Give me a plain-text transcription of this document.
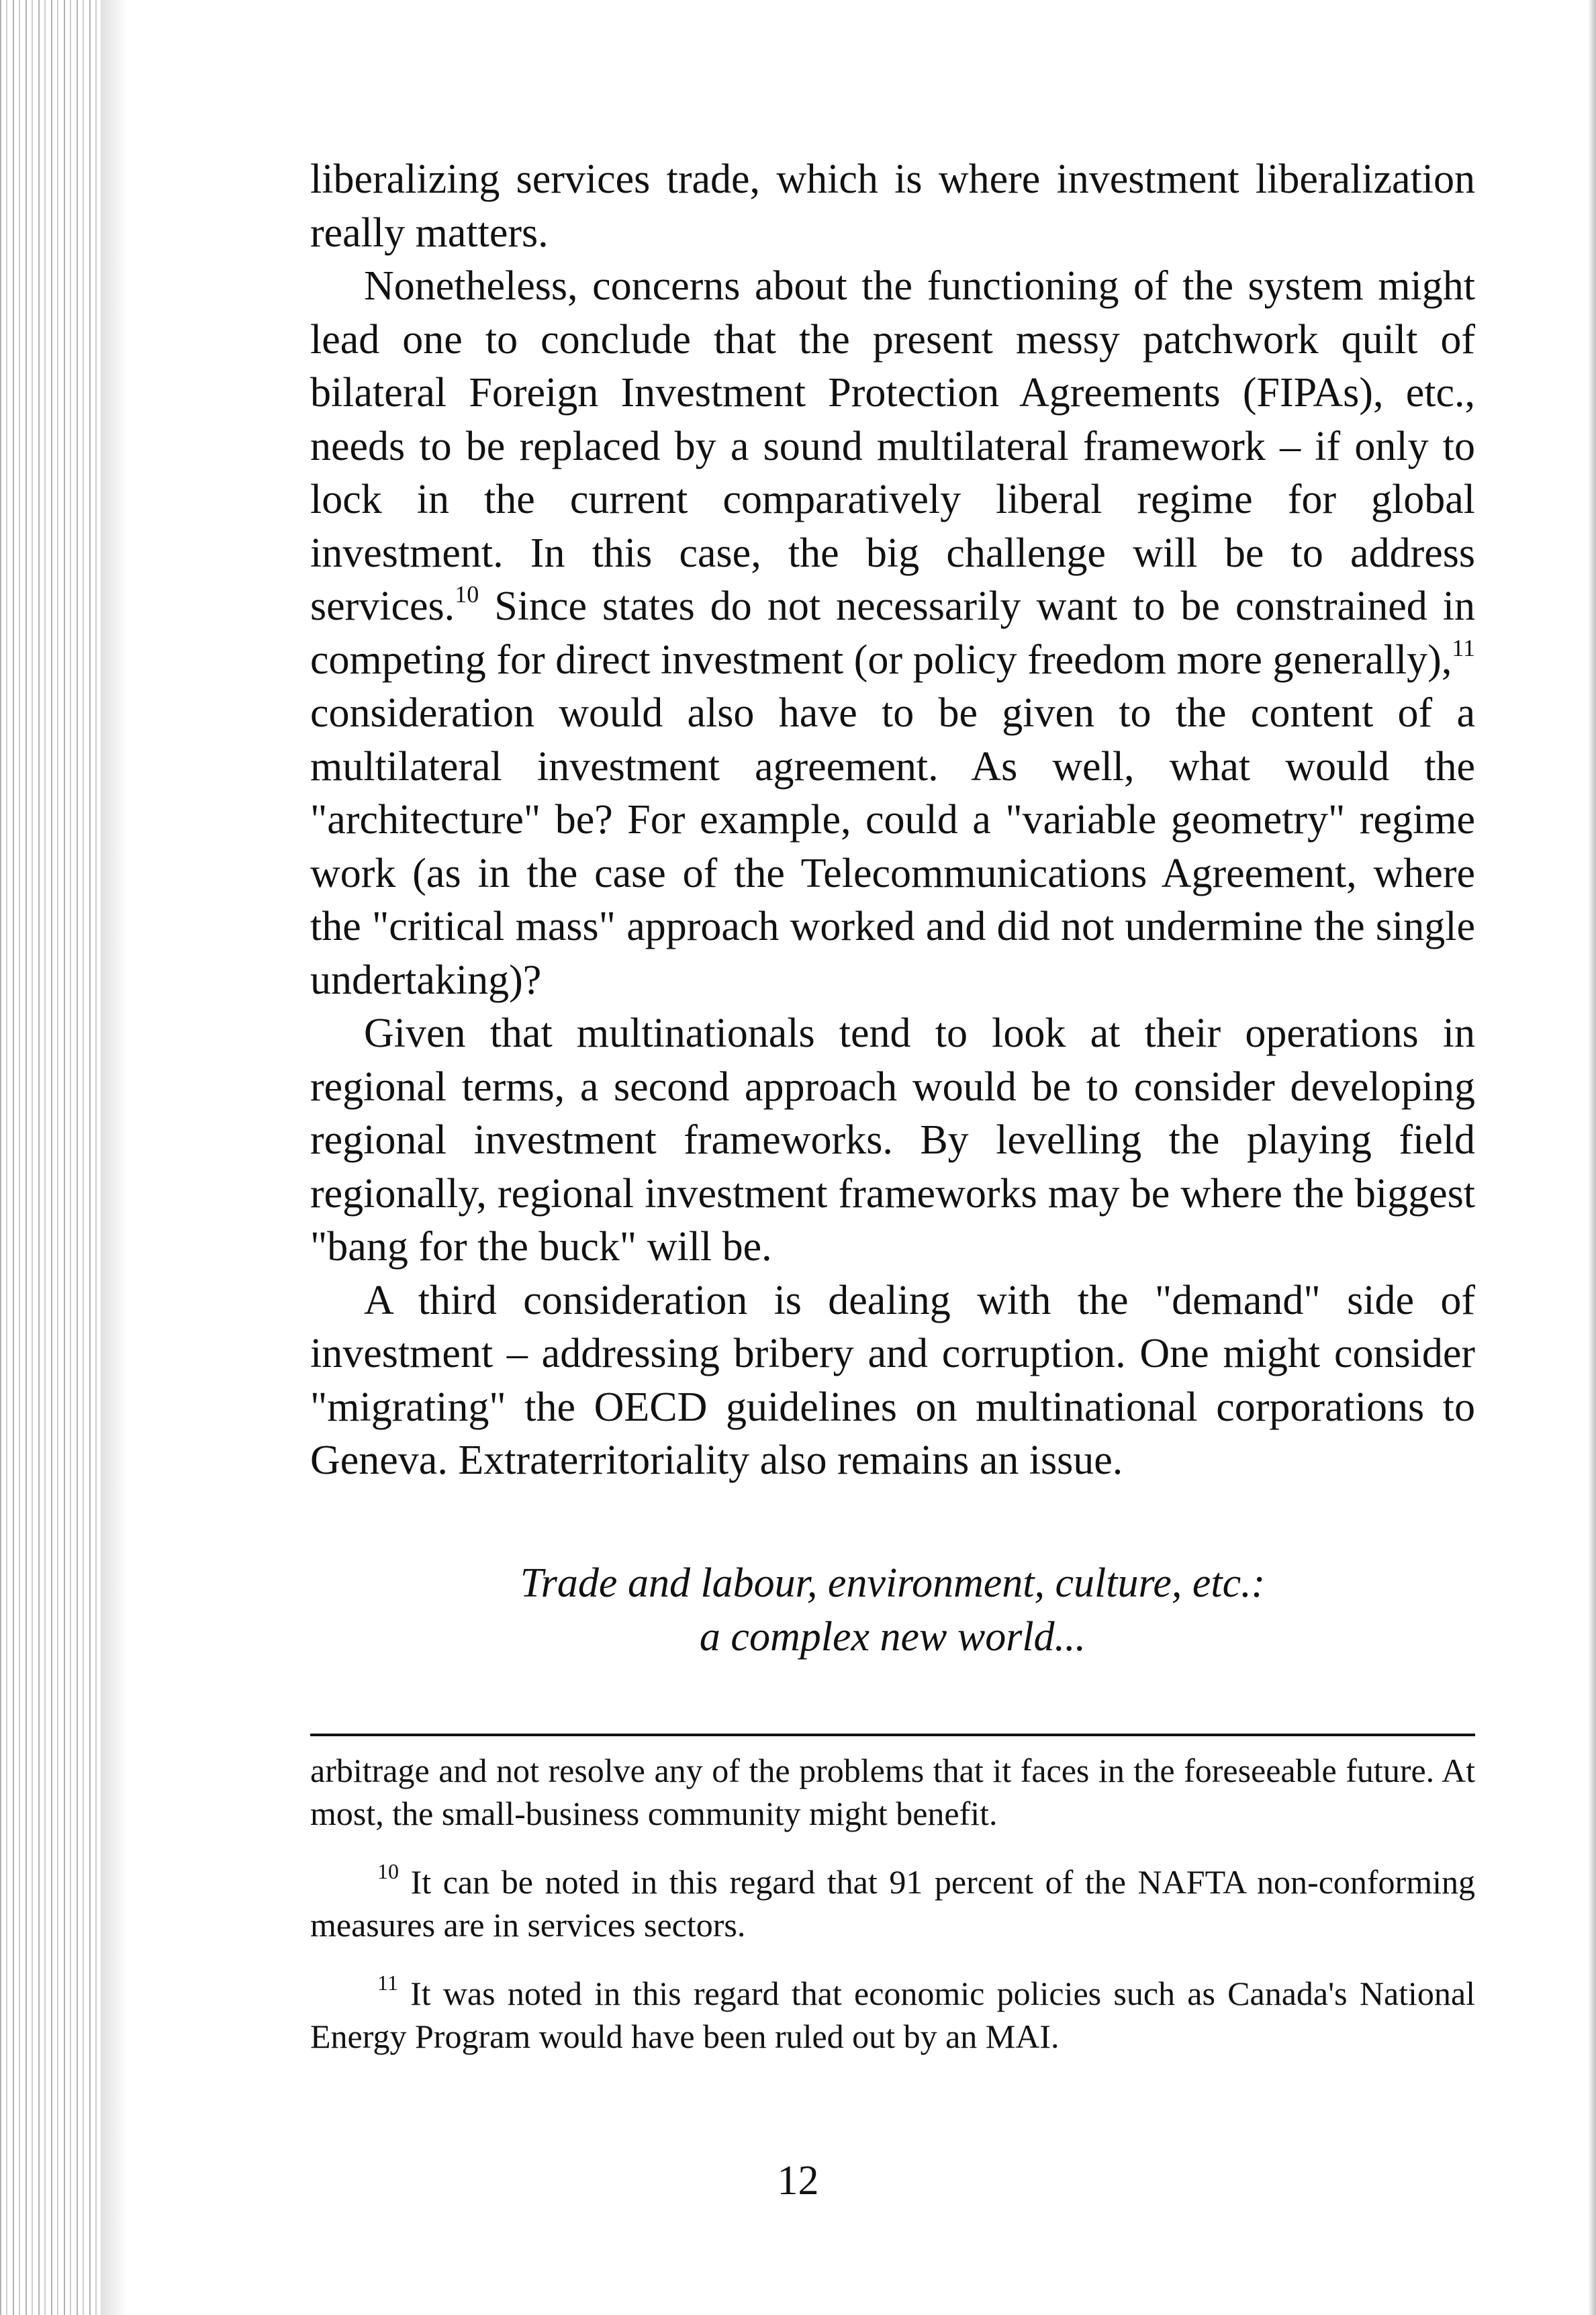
liberalizing services trade, which is where investment liberalization really matters.

Nonetheless, concerns about the functioning of the system might lead one to conclude that the present messy patchwork quilt of bilateral Foreign Investment Protection Agreements (FIPAs), etc., needs to be replaced by a sound multilateral framework – if only to lock in the current comparatively liberal regime for global investment. In this case, the big challenge will be to address services.$^{10}$ Since states do not necessarily want to be constrained in competing for direct investment (or policy freedom more generally),$^{11}$ consideration would also have to be given to the content of a multilateral investment agreement. As well, what would the "architecture" be? For example, could a "variable geometry" regime work (as in the case of the Telecommunications Agreement, where the "critical mass" approach worked and did not undermine the single undertaking)?

Given that multinationals tend to look at their operations in regional terms, a second approach would be to consider developing regional investment frameworks. By levelling the playing field regionally, regional investment frameworks may be where the biggest "bang for the buck" will be.

A third consideration is dealing with the "demand" side of investment – addressing bribery and corruption. One might consider "migrating" the OECD guidelines on multinational corporations to Geneva. Extraterritoriality also remains an issue.

Trade and labour, environment, culture, etc.:
a complex new world...

arbitrage and not resolve any of the problems that it faces in the foreseeable future. At most, the small-business community might benefit.

$^{10}$ It can be noted in this regard that 91 percent of the NAFTA non-conforming measures are in services sectors.

$^{11}$ It was noted in this regard that economic policies such as Canada's National Energy Program would have been ruled out by an MAI.

12
